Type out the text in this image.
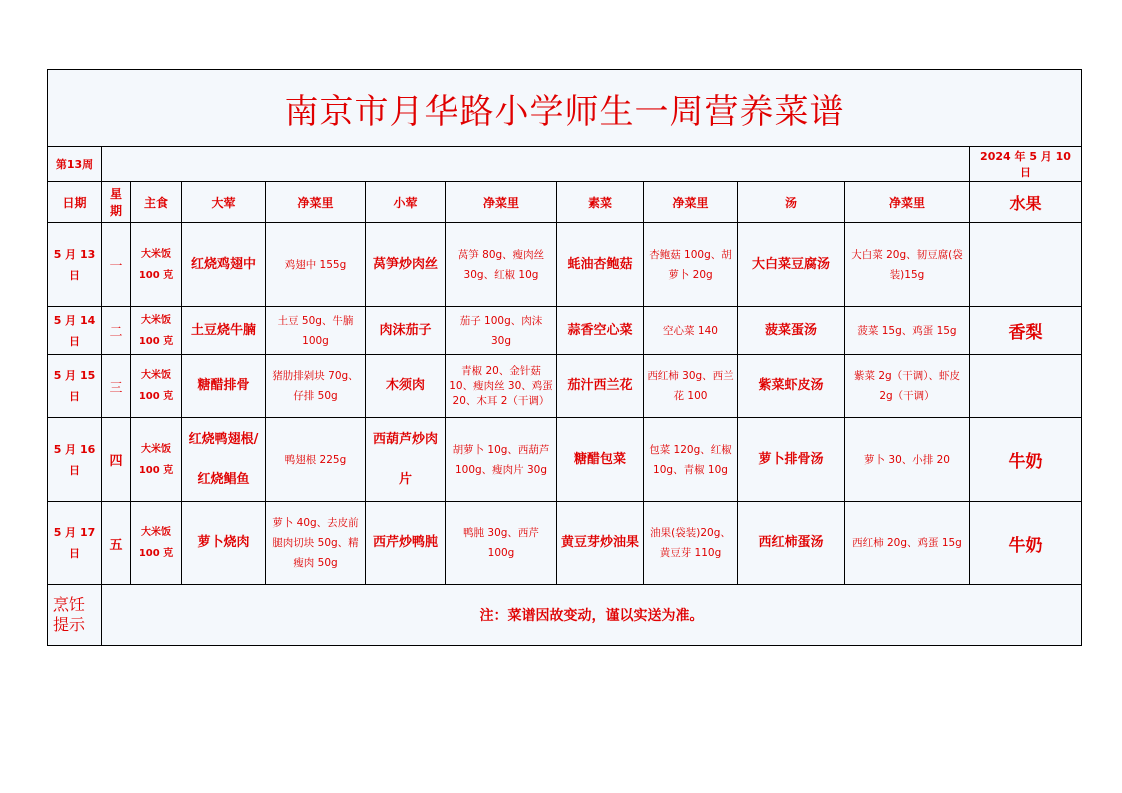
南京市月华路小学师生一周营养菜谱											
第13周											2024 年 5 月 10 日
日期	星期	主食	大荤	净菜里	小荤	净菜里	素菜	净菜里	汤	净菜里	水果
5 月 13 日	一	大米饭 100 克	红烧鸡翅中	鸡翅中 155g	莴笋炒肉丝	莴笋 80g、瘦肉丝 30g、红椒 10g	蚝油杏鲍菇	杏鲍菇 100g、胡萝卜 20g	大白菜豆腐汤	大白菜 20g、韧豆腐(袋装)15g	
5 月 14 日	二	大米饭 100 克	土豆烧牛腩	土豆 50g、牛腩 100g	肉沫茄子	茄子 100g、肉沫 30g	蒜香空心菜	空心菜 140	菠菜蛋汤	菠菜 15g、鸡蛋 15g	香梨
5 月 15 日	三	大米饭 100 克	糖醋排骨	猪肋排剁块 70g、仔排 50g	木须肉	青椒 20、金针菇 10、瘦肉丝 30、鸡蛋 20、木耳 2（干调）	茄汁西兰花	西红柿 30g、西兰花 100	紫菜虾皮汤	紫菜 2g（干调）、虾皮 2g（干调）	
5 月 16 日	四	大米饭 100 克	红烧鸭翅根/红烧鲳鱼	鸭翅根 225g	西葫芦炒肉片	胡萝卜 10g、西葫芦 100g、瘦肉片 30g	糖醋包菜	包菜 120g、红椒 10g、青椒 10g	萝卜排骨汤	萝卜 30、小排 20	牛奶
5 月 17 日	五	大米饭 100 克	萝卜烧肉	萝卜 40g、去皮前腿肉切块 50g、精瘦肉 50g	西芹炒鸭肫	鸭肫 30g、西芹 100g	黄豆芽炒油果	油果(袋装)20g、黄豆芽 110g	西红柿蛋汤	西红柿 20g、鸡蛋 15g	牛奶
烹饪提示	注：菜谱因故变动，谨以实送为准。										
